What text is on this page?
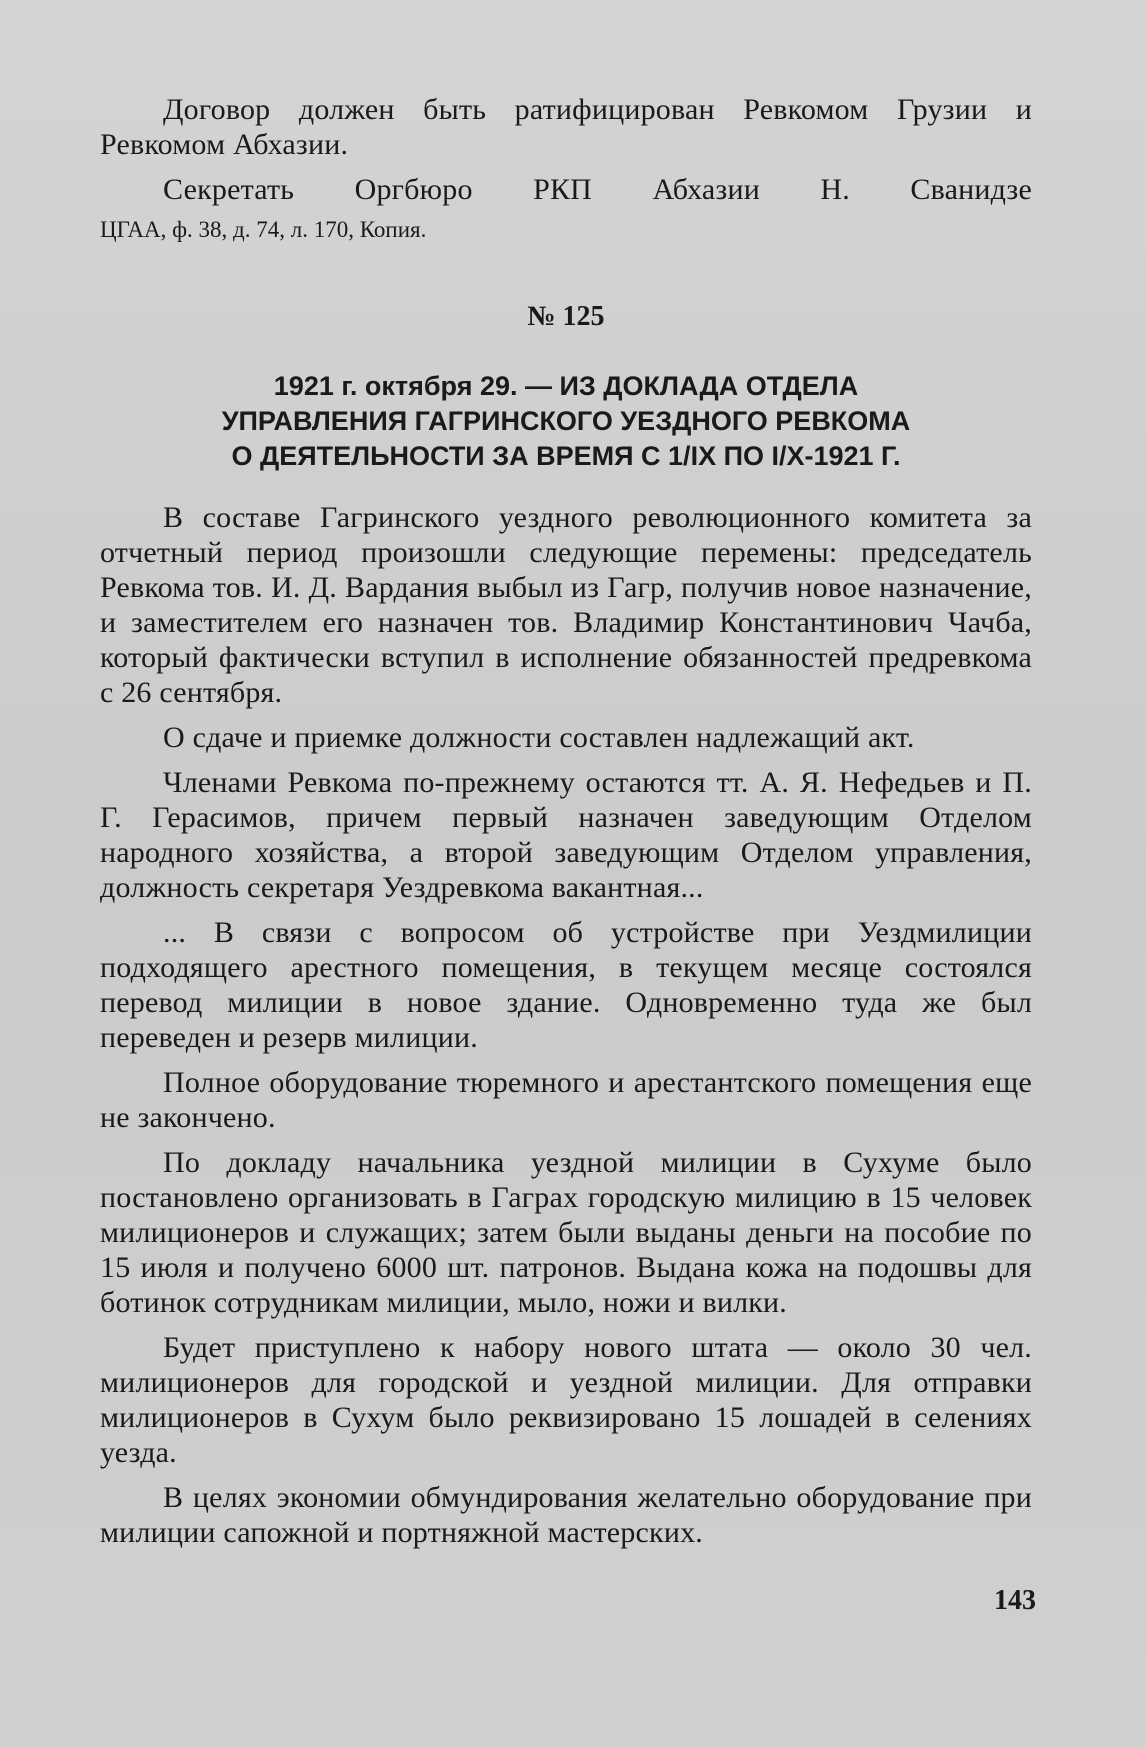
Договор должен быть ратифицирован Ревкомом Грузии и Ревкомом Абхазии.

Секретать Оргбюро РКП Абхазии Н. Сванидзе

ЦГАА, ф. 38, д. 74, л. 170, Копия.
№ 125
1921 г. октября 29. — ИЗ ДОКЛАДА ОТДЕЛА
УПРАВЛЕНИЯ ГАГРИНСКОГО УЕЗДНОГО РЕВКОМА
О ДЕЯТЕЛЬНОСТИ ЗА ВРЕМЯ С 1/IX ПО I/X-1921 Г.

В составе Гагринского уездного революционного комитета за отчетный период произошли следующие перемены: председатель Ревкома тов. И. Д. Вардания выбыл из Гагр, получив новое назначение, и заместителем его назначен тов. Владимир Константинович Чачба, который фактически вступил в исполнение обязанностей предревкома с 26 сентября.

О сдаче и приемке должности составлен надлежащий акт.

Членами Ревкома по-прежнему остаются тт. А. Я. Нефедьев и П. Г. Герасимов, причем первый назначен заведующим Отделом народного хозяйства, а второй заведующим Отделом управления, должность секретаря Уездревкома вакантная...

... В связи с вопросом об устройстве при Уездмилиции подходящего арестного помещения, в текущем месяце состоялся перевод милиции в новое здание. Одновременно туда же был переведен и резерв милиции.

Полное оборудование тюремного и арестантского помещения еще не закончено.

По докладу начальника уездной милиции в Сухуме было постановлено организовать в Гаграх городскую милицию в 15 человек милиционеров и служащих; затем были выданы деньги на пособие по 15 июля и получено 6000 шт. патронов. Выдана кожа на подошвы для ботинок сотрудникам милиции, мыло, ножи и вилки.

Будет приступлено к набору нового штата — около 30 чел. милиционеров для городской и уездной милиции. Для отправки милиционеров в Сухум было реквизировано 15 лошадей в селениях уезда.

В целях экономии обмундирования желательно оборудование при милиции сапожной и портняжной мастерских.

143
